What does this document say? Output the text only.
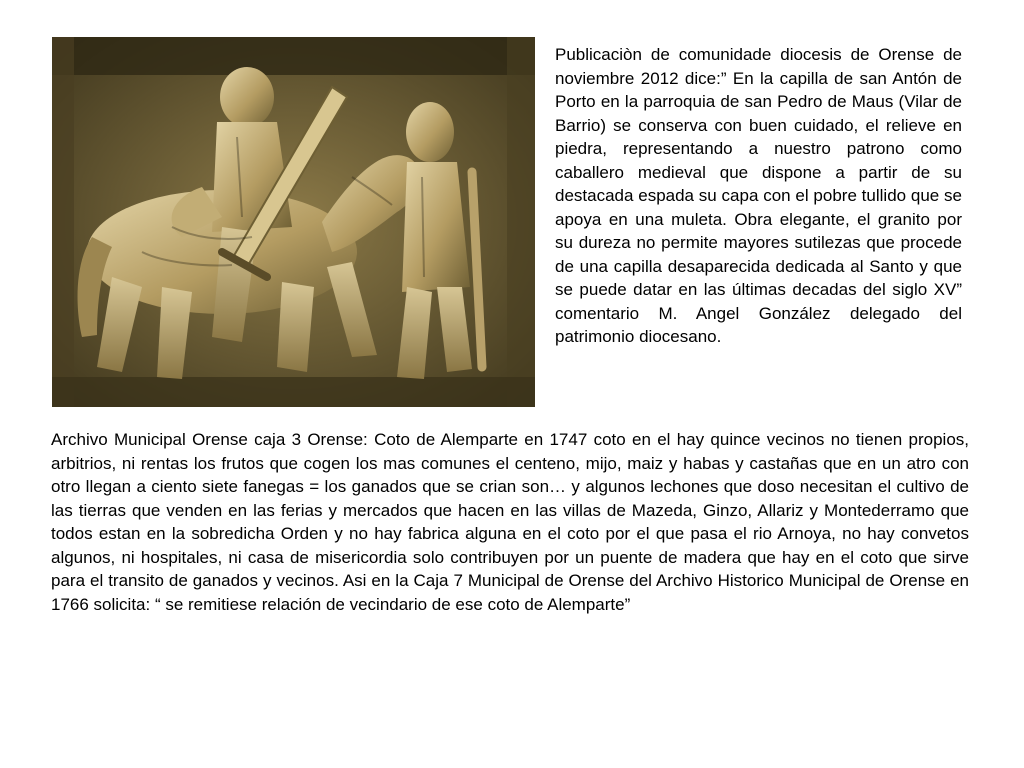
Publicaciòn de comunidade diocesis de Orense de noviembre 2012 dice:” En la capilla de san Antón de Porto en la parroquia de san Pedro de Maus (Vilar de Barrio) se conserva con buen cuidado, el relieve en piedra, representando a nuestro patrono como caballero medieval que dispone a partir de su destacada espada su capa con el pobre tullido que se apoya en una muleta. Obra elegante, el granito por su dureza no permite mayores sutilezas que procede de una capilla desaparecida dedicada al Santo y que se puede datar en las últimas decadas del siglo XV” comentario M. Angel González delegado del patrimonio diocesano.

Archivo Municipal Orense caja 3 Orense: Coto de Alemparte en 1747 coto en el hay quince vecinos no tienen propios, arbitrios, ni rentas los frutos que cogen los mas comunes el centeno, mijo, maiz y habas y castañas que en un atro con otro llegan a ciento siete fanegas = los ganados que se crian son… y algunos lechones que doso necesitan el cultivo de las tierras que venden en las ferias y mercados que hacen en las villas de Mazeda, Ginzo, Allariz y Montederramo que todos estan en la sobredicha Orden y no hay fabrica alguna en el coto por el que pasa el rio Arnoya, no hay convetos algunos, ni hospitales, ni casa de misericordia solo contribuyen por un puente de madera que hay en el coto que sirve para el transito de ganados y vecinos. Asi en la Caja 7 Municipal de Orense del Archivo Historico Municipal de Orense en 1766 solicita: “ se remitiese relación de vecindario de ese coto de Alemparte”
